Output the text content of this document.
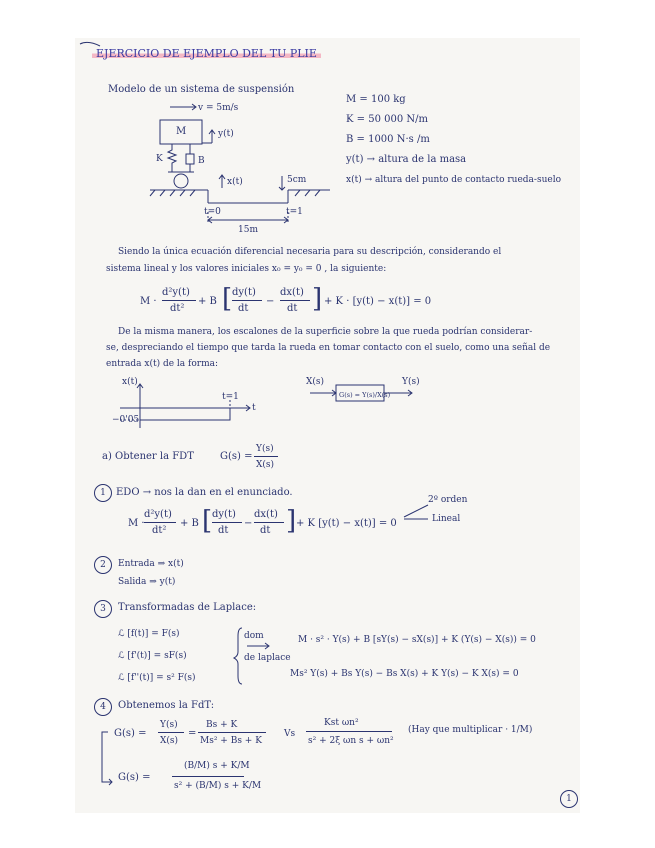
EJERCICIO DE EJEMPLO DEL TU PLIE
Modelo de un sistema de suspensión
v = 5m/s
M	y(t)
K	B
x(t)	5cm
t=0	t=1
15m
M = 100 kg
K = 50 000 N/m
B = 1000 N·s /m
y(t) → altura de la masa
x(t) → altura del punto de contacto rueda-suelo
Siendo la única ecuación diferencial necesaria para su descripción, considerando el
sistema lineal y los valores iniciales x₀ = y₀ = 0 , la siguiente:
M ·
d²y(t)
dt²
+ B [ dy(t)
dt
−
dx(t)
dt ] + K · [y(t) − x(t)] = 0
De la misma manera, los escalones de la superficie sobre la que rueda podrían considerar-
se, despreciando el tiempo que tarda la rueda en tomar contacto con el suelo, como una señal de
entrada x(t) de la forma:
x(t)
−0'05
t=1
t
X(s)
G(s) = Y(s)/X(s)
Y(s)
a) Obtener la FDT	G(s) =
Y(s)
X(s)
1	EDO → nos la dan en el enunciado.
M ·
d²y(t)
dt²
+ B [ dy(t)
dt
−
dx(t)
dt ] + K [y(t) − x(t)] = 0
2º orden
Lineal
2	Entrada ⇒ x(t)
Salida ⇒ y(t)
3	Transformadas de Laplace:
ℒ [f(t)] = F(s)
ℒ [f'(t)] = sF(s)
ℒ [f''(t)] = s² F(s)
dom
de laplace
M · s² · Y(s) + B [sY(s) − sX(s)] + K (Y(s) − X(s)) = 0
Ms² Y(s) + Bs Y(s) − Bs X(s) + K Y(s) − K X(s) = 0
4	Obtenemos la FdT:
G(s) =
Y(s)
X(s)
=
Bs + K
Ms² + Bs + K
Vs
Kst ωn²
s² + 2ξ ωn s + ωn²
(Hay que multiplicar · 1/M)
G(s) =
(B/M) s + K/M
s² + (B/M) s + K/M
1
